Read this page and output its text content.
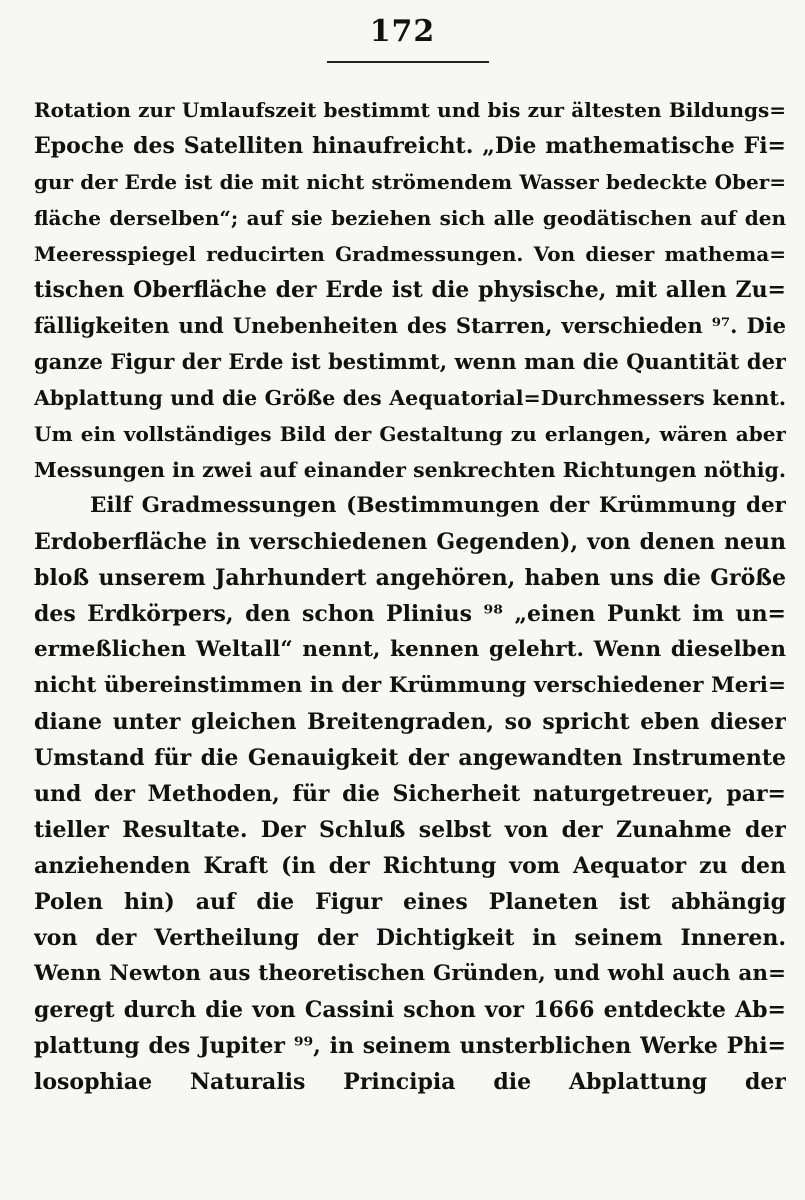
172
Rotation zur Umlaufszeit bestimmt und bis zur ältesten Bildungs=
Epoche des Satelliten hinaufreicht. „Die mathematische Fi=
gur der Erde ist die mit nicht strömendem Wasser bedeckte Ober=
fläche derselben“; auf sie beziehen sich alle geodätischen auf den
Meeresspiegel reducirten Gradmessungen. Von dieser mathema=
tischen Oberfläche der Erde ist die physische, mit allen Zu=
fälligkeiten und Unebenheiten des Starren, verschieden ⁹⁷. Die
ganze Figur der Erde ist bestimmt, wenn man die Quantität der
Abplattung und die Größe des Aequatorial=Durchmessers kennt.
Um ein vollständiges Bild der Gestaltung zu erlangen, wären aber
Messungen in zwei auf einander senkrechten Richtungen nöthig.
Eilf Gradmessungen (Bestimmungen der Krümmung der
Erdoberfläche in verschiedenen Gegenden), von denen neun
bloß unserem Jahrhundert angehören, haben uns die Größe
des Erdkörpers, den schon Plinius ⁹⁸ „einen Punkt im un=
ermeßlichen Weltall“ nennt, kennen gelehrt. Wenn dieselben
nicht übereinstimmen in der Krümmung verschiedener Meri=
diane unter gleichen Breitengraden, so spricht eben dieser
Umstand für die Genauigkeit der angewandten Instrumente
und der Methoden, für die Sicherheit naturgetreuer, par=
tieller Resultate. Der Schluß selbst von der Zunahme der
anziehenden Kraft (in der Richtung vom Aequator zu den
Polen hin) auf die Figur eines Planeten ist abhängig
von der Vertheilung der Dichtigkeit in seinem Inneren.
Wenn Newton aus theoretischen Gründen, und wohl auch an=
geregt durch die von Cassini schon vor 1666 entdeckte Ab=
plattung des Jupiter ⁹⁹, in seinem unsterblichen Werke Phi=
losophiae Naturalis Principia die Abplattung der
